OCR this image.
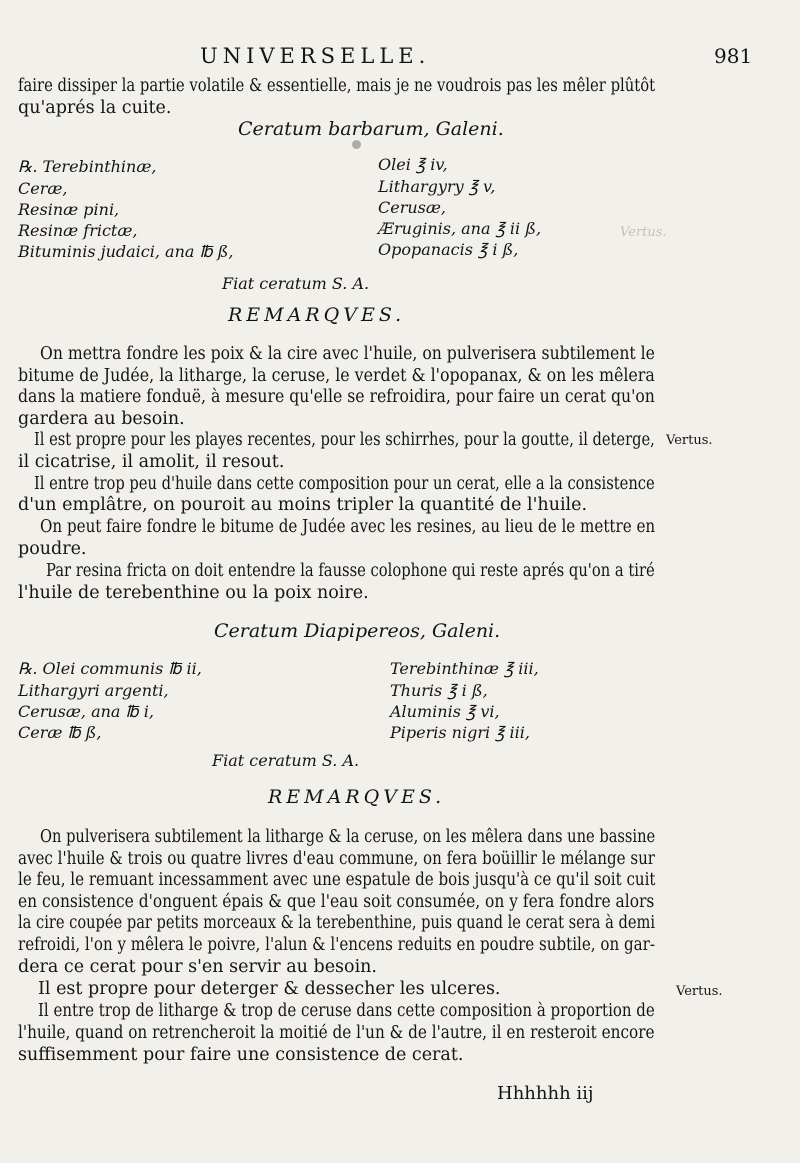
Vertus.
UNIVERSELLE.	981
faire dissiper la partie volatile & essentielle, mais je ne voudrois pas les mêler plûtôt
qu'aprés la cuite.
Ceratum barbarum, Galeni.
℞. Terebinthinæ,
Ceræ,
Resinæ pini,
Resinæ frictæ,
Bituminis judaici, ana ℔ ß,
Olei ℥ iv,
Lithargyry ℥ v,
Cerusæ,
Æruginis, ana ℥ ii ß,
Opopanacis ℥ i ß,
Fiat ceratum S. A.
REMARQVES.
On mettra fondre les poix & la cire avec l'huile, on pulverisera subtilement le
bitume de Judée, la litharge, la ceruse, le verdet & l'opopanax, & on les mêlera
dans la matiere fonduë, à mesure qu'elle se refroidira, pour faire un cerat qu'on
gardera au besoin.
Il est propre pour les playes recentes, pour les schirrhes, pour la goutte, il deterge,
il cicatrise, il amolit, il resout.
Il entre trop peu d'huile dans cette composition pour un cerat, elle a la consistence
d'un emplâtre, on pouroit au moins tripler la quantité de l'huile.
On peut faire fondre le bitume de Judée avec les resines, au lieu de le mettre en
poudre.
Par resina fricta on doit entendre la fausse colophone qui reste aprés qu'on a tiré
l'huile de terebenthine ou la poix noire.
Vertus.
Ceratum Diapipereos, Galeni.
℞. Olei communis ℔ ii,
Lithargyri argenti,
Cerusæ, ana ℔ i,
Ceræ ℔ ß,
Terebinthinæ ℥ iii,
Thuris ℥ i ß,
Aluminis ℥ vi,
Piperis nigri ℥ iii,
Fiat ceratum S. A.
REMARQVES.
On pulverisera subtilement la litharge & la ceruse, on les mêlera dans une bassine
avec l'huile & trois ou quatre livres d'eau commune, on fera boüillir le mélange sur
le feu, le remuant incessamment avec une espatule de bois jusqu'à ce qu'il soit cuit
en consistence d'onguent épais & que l'eau soit consumée, on y fera fondre alors
la cire coupée par petits morceaux & la terebenthine, puis quand le cerat sera à demi
refroidi, l'on y mêlera le poivre, l'alun & l'encens reduits en poudre subtile, on gar-
dera ce cerat pour s'en servir au besoin.
Il est propre pour deterger & dessecher les ulceres.
Il entre trop de litharge & trop de ceruse dans cette composition à proportion de
l'huile, quand on retrencheroit la moitié de l'un & de l'autre, il en resteroit encore
suffisemment pour faire une consistence de cerat.
Vertus.
Hhhhhh iij
